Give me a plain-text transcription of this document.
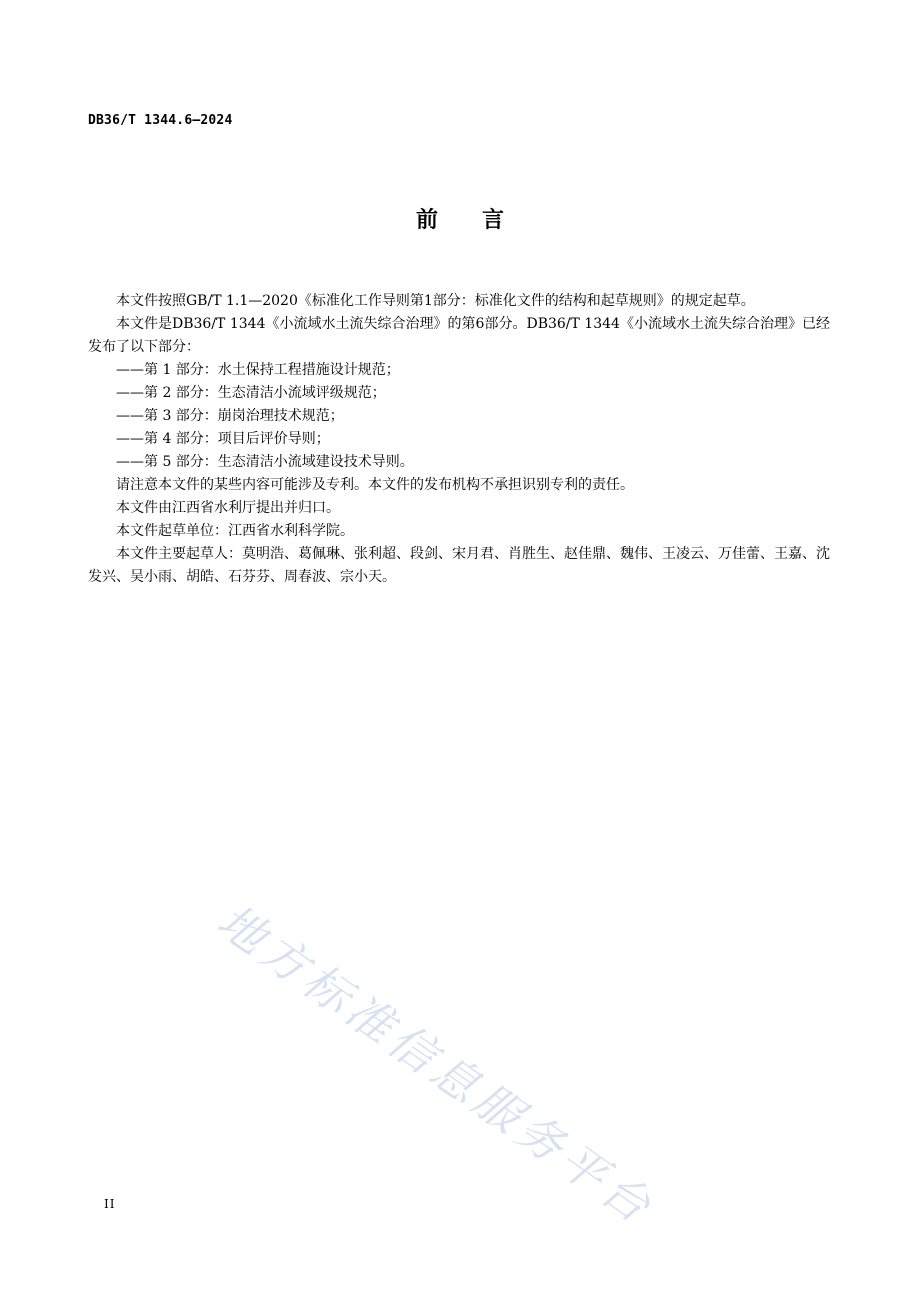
DB36/T 1344.6—2024
前　　言

本文件按照GB/T 1.1—2020《标准化工作导则第1部分：标准化文件的结构和起草规则》的规定起草。

本文件是DB36/T 1344《小流域水土流失综合治理》的第6部分。DB36/T 1344《小流域水土流失综合治理》已经发布了以下部分：

——第 1 部分：水土保持工程措施设计规范；

——第 2 部分：生态清洁小流域评级规范；

——第 3 部分：崩岗治理技术规范；

——第 4 部分：项目后评价导则；

——第 5 部分：生态清洁小流域建设技术导则。

请注意本文件的某些内容可能涉及专利。本文件的发布机构不承担识别专利的责任。

本文件由江西省水利厅提出并归口。

本文件起草单位：江西省水利科学院。

本文件主要起草人：莫明浩、葛佩琳、张利超、段剑、宋月君、肖胜生、赵佳鼎、魏伟、王凌云、万佳蕾、王嘉、沈发兴、吴小雨、胡皓、石芬芬、周春波、宗小天。

地方标准信息服务平台
II
